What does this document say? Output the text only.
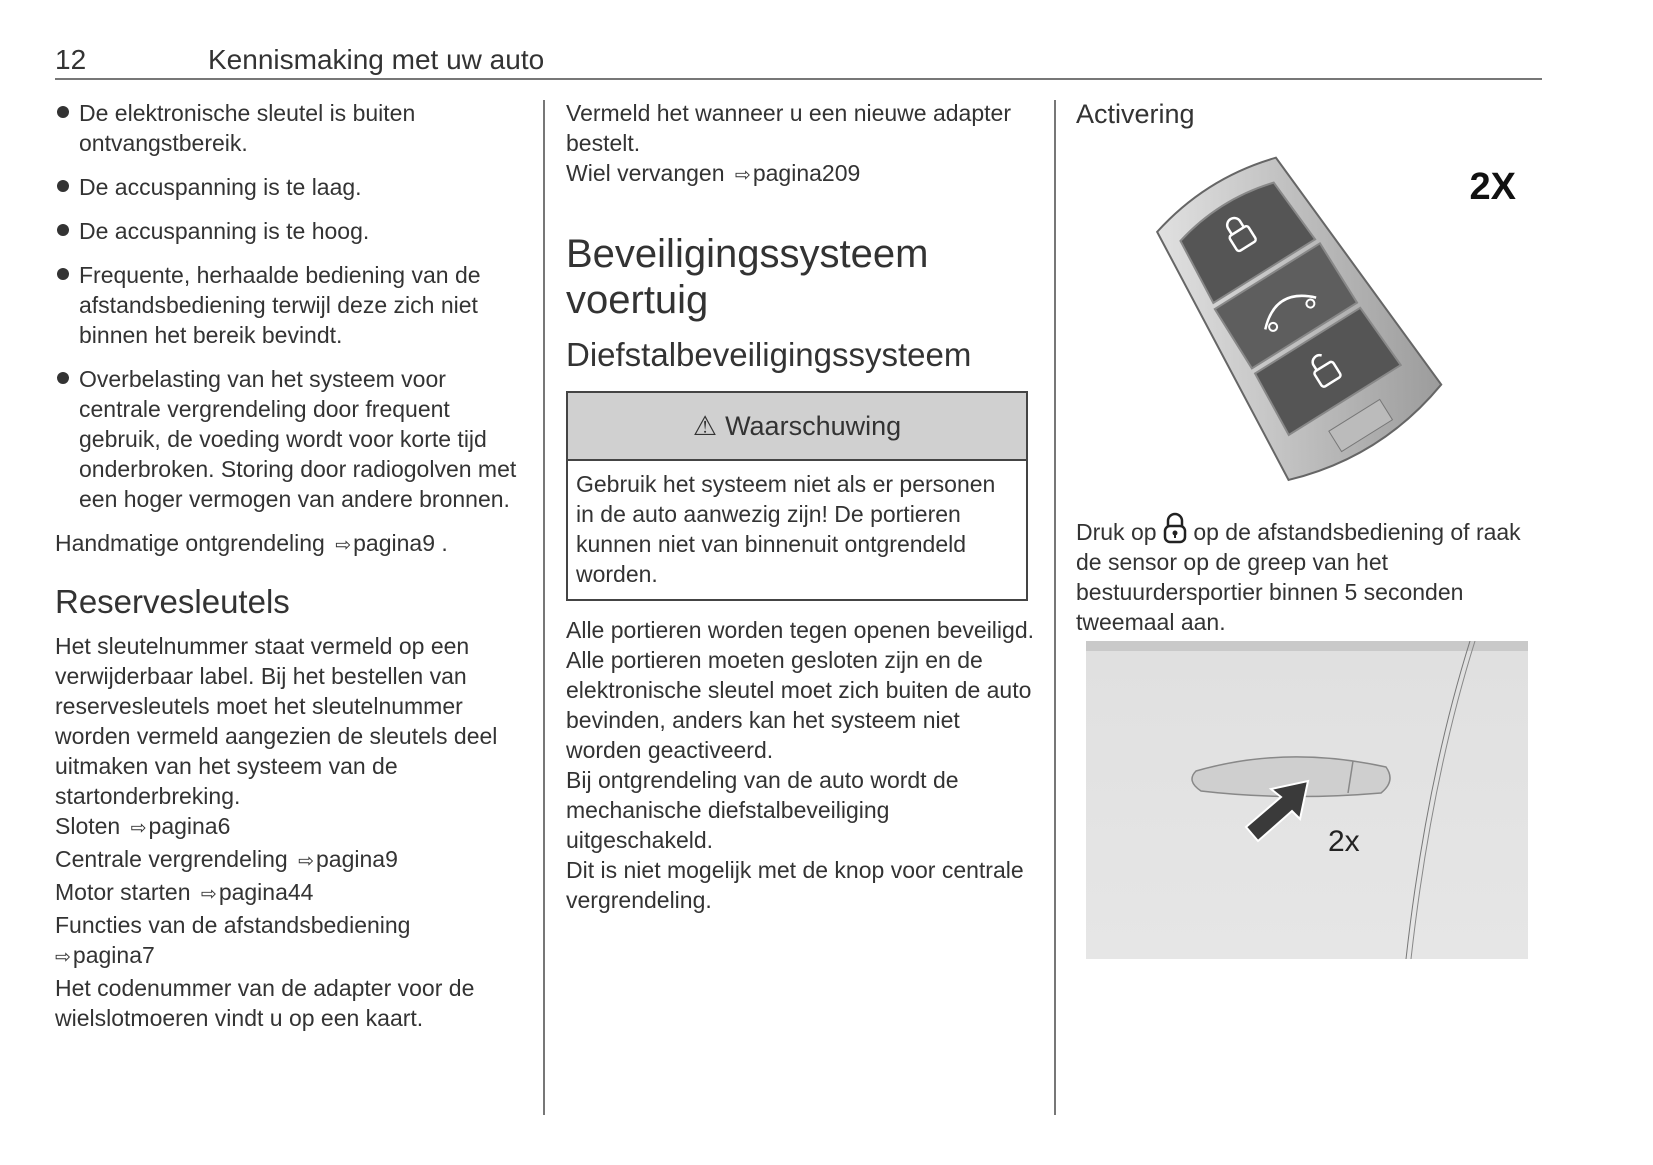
12	Kennismaking met uw auto
De elektronische sleutel is buiten ontvangstbereik.
De accuspanning is te laag.
De accuspanning is te hoog.
Frequente, herhaalde bediening van de afstandsbediening terwijl deze zich niet binnen het bereik bevindt.
Overbelasting van het systeem voor centrale vergrendeling door frequent gebruik, de voeding wordt voor korte tijd onderbroken. Storing door radiogolven met een hoger vermogen van andere bronnen.

Handmatige ontgrendeling ⇨pagina9 .

Reservesleutels

Het sleutelnummer staat vermeld op een verwijderbaar label. Bij het bestellen van reservesleutels moet het sleutelnummer worden vermeld aangezien de sleutels deel uitmaken van het systeem van de startonderbreking.

Sloten ⇨pagina6

Centrale vergrendeling ⇨pagina9

Motor starten ⇨pagina44

Functies van de afstandsbediening
⇨pagina7

Het codenummer van de adapter voor de wielslotmoeren vindt u op een kaart.

Vermeld het wanneer u een nieuwe adapter bestelt.

Wiel vervangen ⇨pagina209

Beveiligingssysteem voertuig
Diefstalbeveiligingssysteem
⚠ Waarschuwing
Gebruik het systeem niet als er personen in de auto aanwezig zijn! De portieren kunnen niet van binnenuit ontgrendeld worden.

Alle portieren worden tegen openen beveiligd.

Alle portieren moeten gesloten zijn en de elektronische sleutel moet zich buiten de auto bevinden, anders kan het systeem niet worden geactiveerd.

Bij ontgrendeling van de auto wordt de mechanische diefstalbeveiliging uitgeschakeld.

Dit is niet mogelijk met de knop voor centrale vergrendeling.

Activering
2X

Druk op op de afstandsbediening of raak de sensor op de greep van het bestuurdersportier binnen 5 seconden tweemaal aan.

2x
